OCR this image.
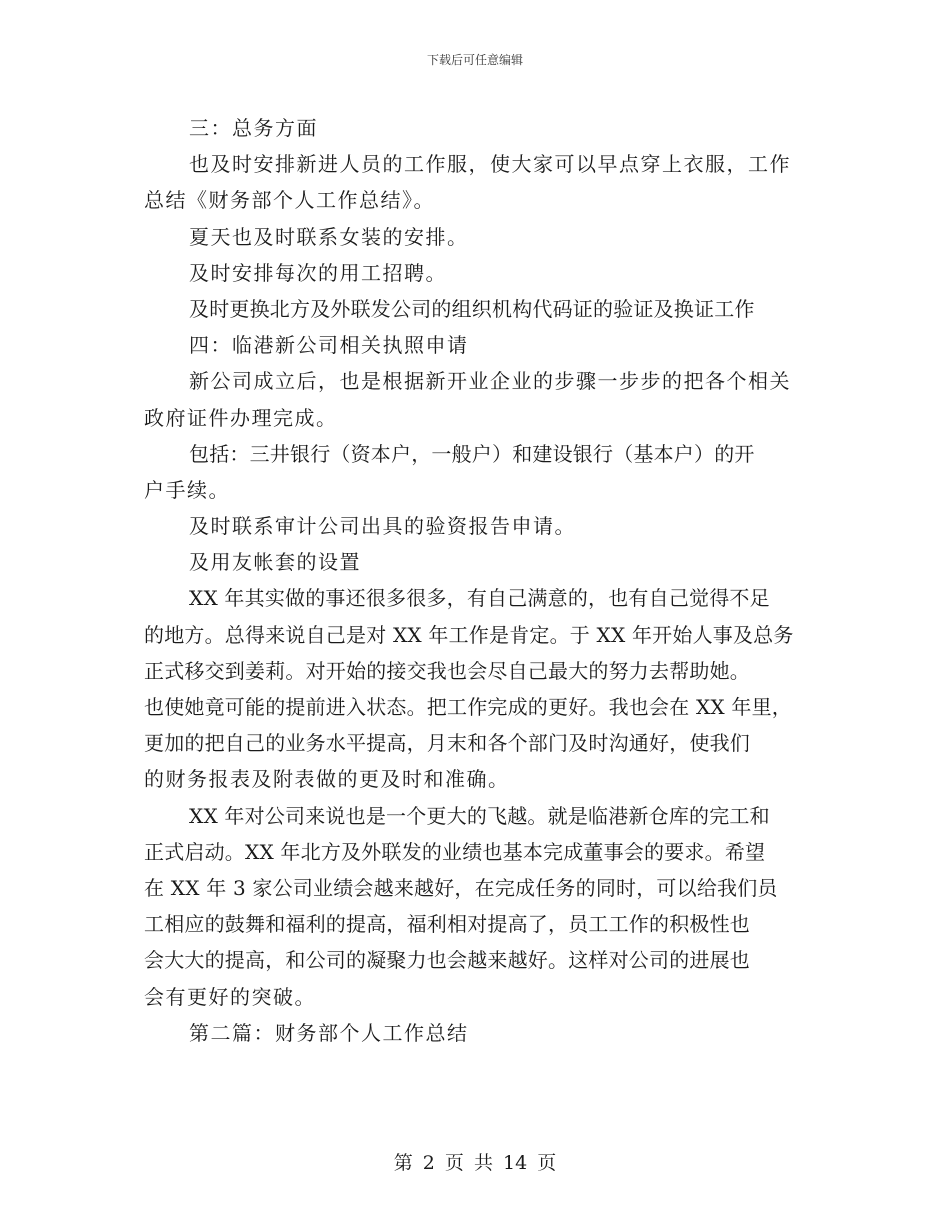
下载后可任意编辑
三：总务方面
也及时安排新进人员的工作服，使大家可以早点穿上衣服，工作
总结《财务部个人工作总结》。
夏天也及时联系女装的安排。
及时安排每次的用工招聘。
及时更换北方及外联发公司的组织机构代码证的验证及换证工作
四：临港新公司相关执照申请
新公司成立后，也是根据新开业企业的步骤一步步的把各个相关
政府证件办理完成。
包括：三井银行（资本户，一般户）和建设银行（基本户）的开
户手续。
及时联系审计公司出具的验资报告申请。
及用友帐套的设置
XX 年其实做的事还很多很多，有自己满意的，也有自己觉得不足
的地方。总得来说自己是对 XX 年工作是肯定。于 XX 年开始人事及总务
正式移交到姜莉。对开始的接交我也会尽自己最大的努力去帮助她。
也使她竟可能的提前进入状态。把工作完成的更好。我也会在 XX 年里，
更加的把自己的业务水平提高，月末和各个部门及时沟通好，使我们
的财务报表及附表做的更及时和准确。
XX 年对公司来说也是一个更大的飞越。就是临港新仓库的完工和
正式启动。XX 年北方及外联发的业绩也基本完成董事会的要求。希望
在 XX 年 3 家公司业绩会越来越好，在完成任务的同时，可以给我们员
工相应的鼓舞和福利的提高，福利相对提高了，员工工作的积极性也
会大大的提高，和公司的凝聚力也会越来越好。这样对公司的进展也
会有更好的突破。
第二篇：财务部个人工作总结
第 2 页 共 14 页
